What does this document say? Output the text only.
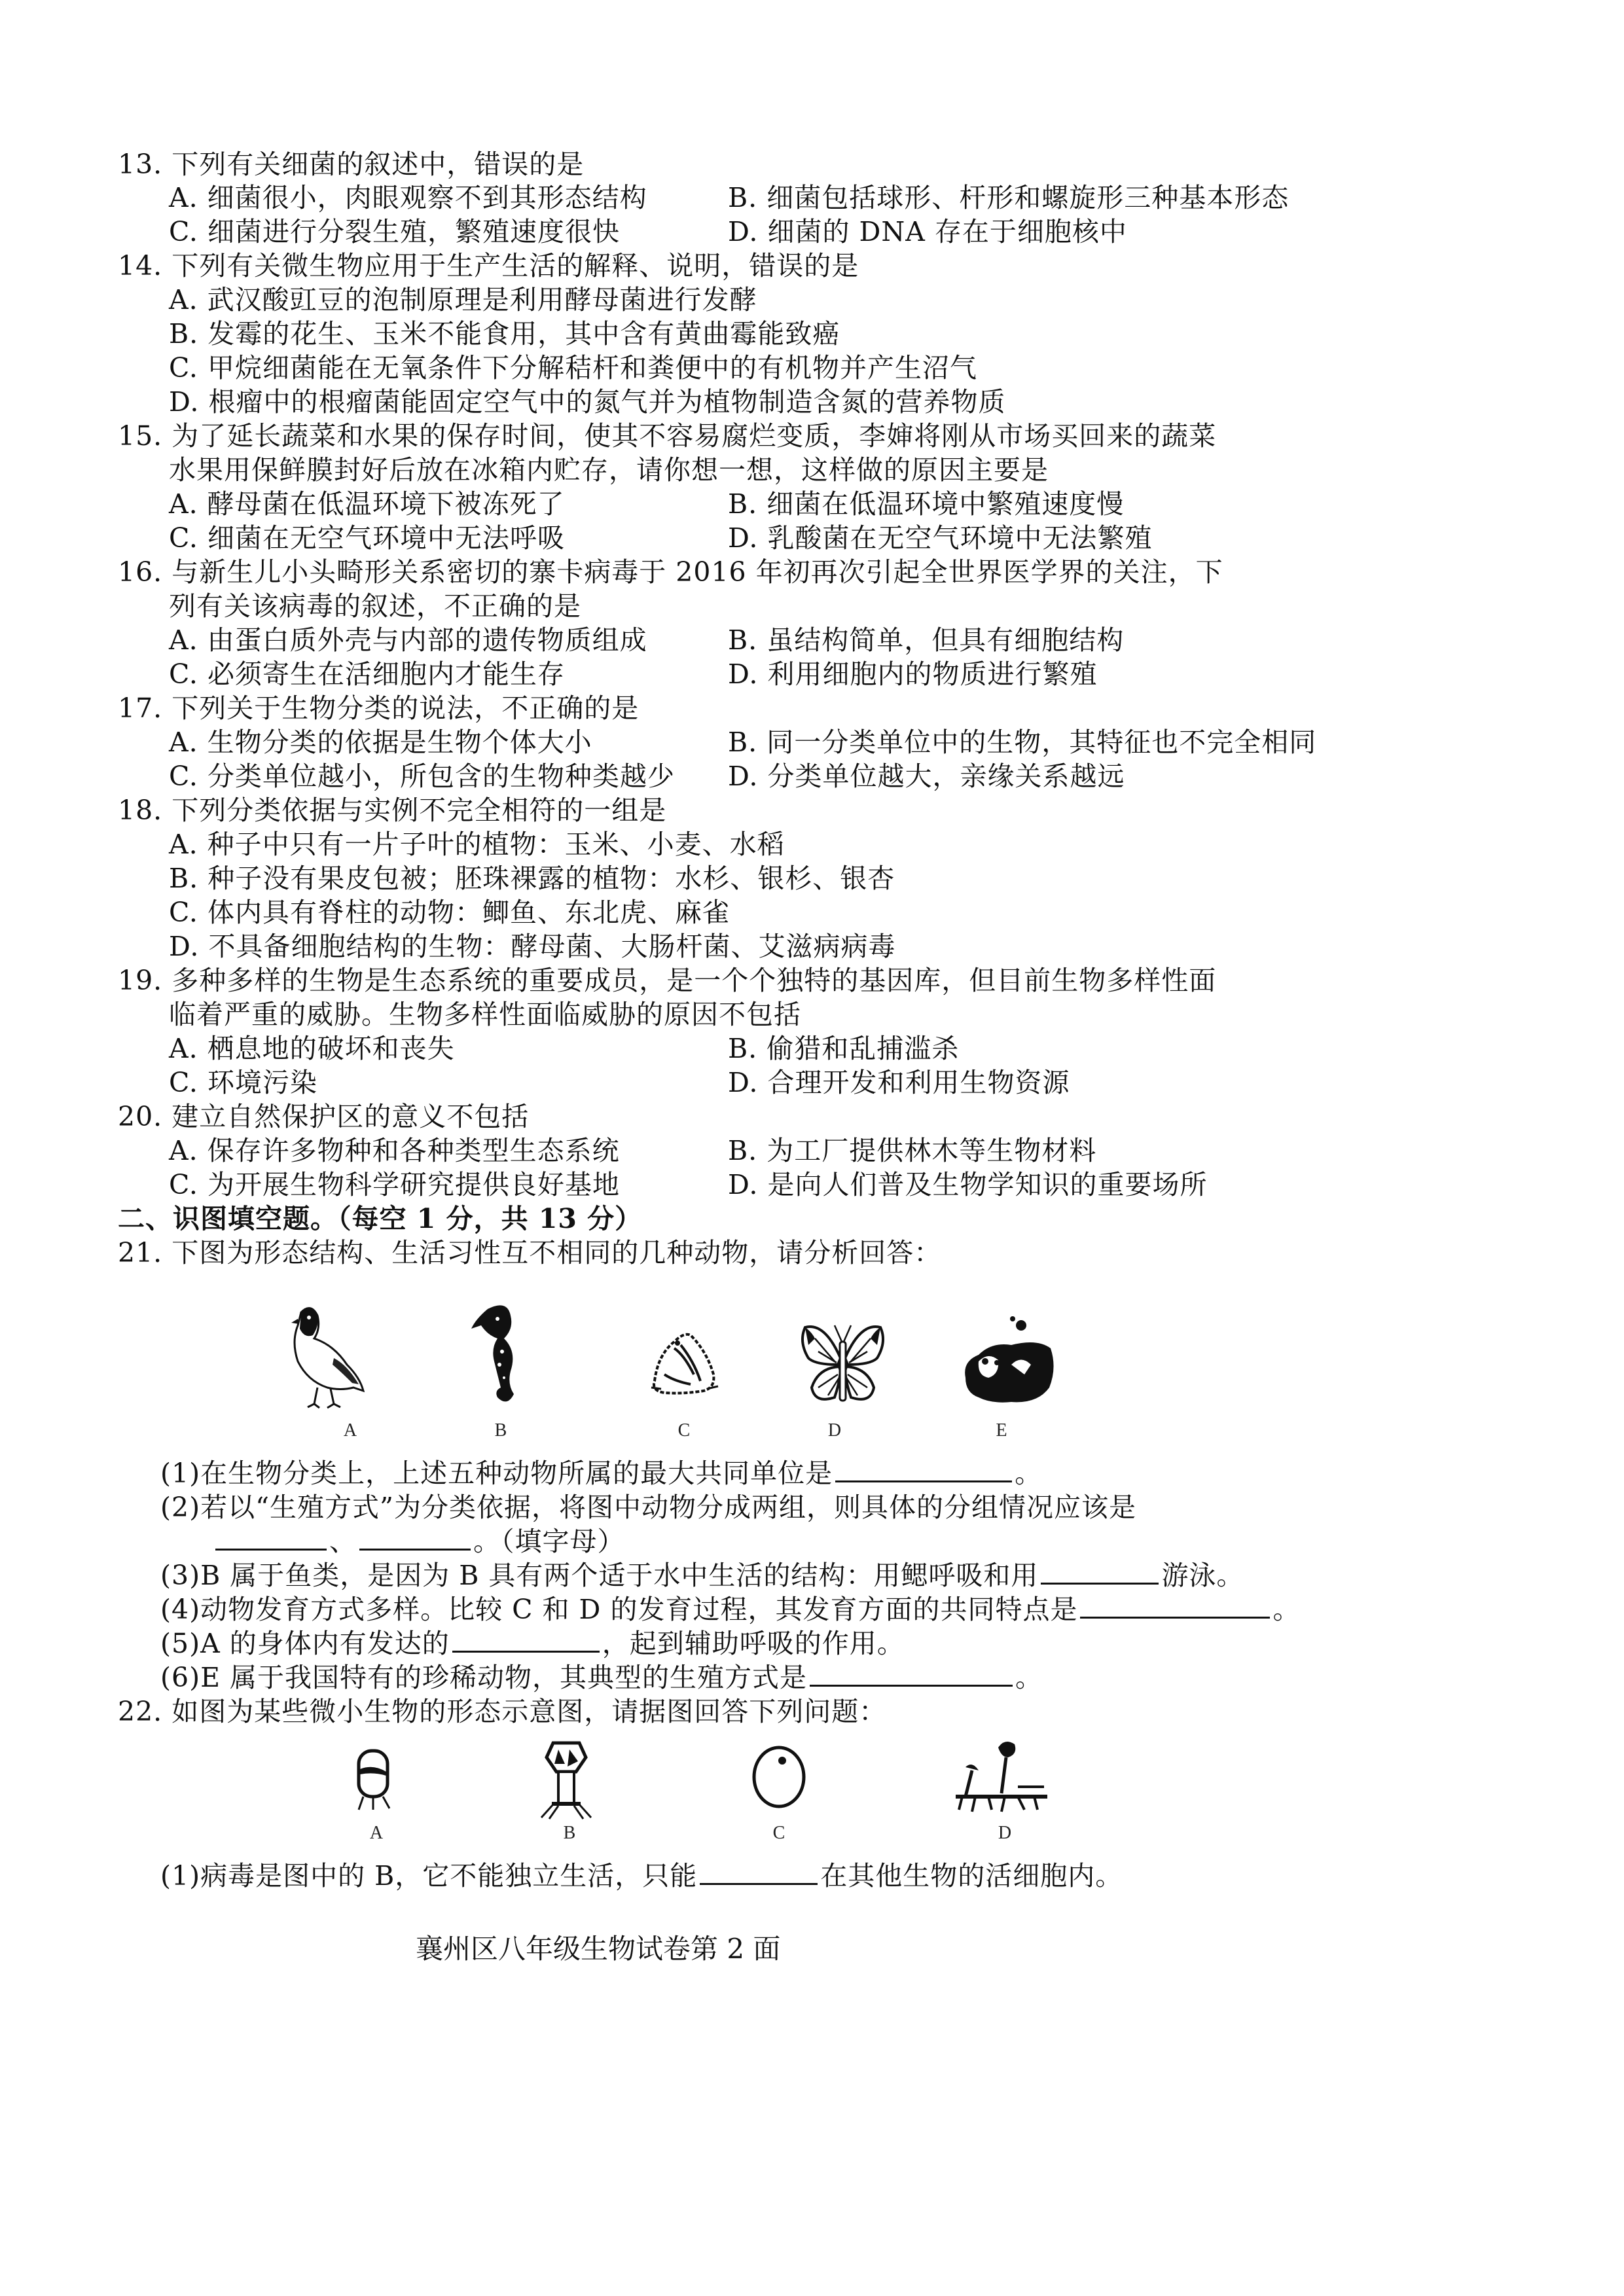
13. 下列有关细菌的叙述中，错误的是
A. 细菌很小，肉眼观察不到其形态结构	B. 细菌包括球形、杆形和螺旋形三种基本形态
C. 细菌进行分裂生殖，繁殖速度很快	D. 细菌的 DNA 存在于细胞核中
14. 下列有关微生物应用于生产生活的解释、说明，错误的是
A. 武汉酸豇豆的泡制原理是利用酵母菌进行发酵
B. 发霉的花生、玉米不能食用，其中含有黄曲霉能致癌
C. 甲烷细菌能在无氧条件下分解秸杆和粪便中的有机物并产生沼气
D. 根瘤中的根瘤菌能固定空气中的氮气并为植物制造含氮的营养物质
15. 为了延长蔬菜和水果的保存时间，使其不容易腐烂变质，李婶将刚从市场买回来的蔬菜
水果用保鲜膜封好后放在冰箱内贮存，请你想一想，这样做的原因主要是
A. 酵母菌在低温环境下被冻死了	B. 细菌在低温环境中繁殖速度慢
C. 细菌在无空气环境中无法呼吸	D. 乳酸菌在无空气环境中无法繁殖
16. 与新生儿小头畸形关系密切的寨卡病毒于 2016 年初再次引起全世界医学界的关注，下
列有关该病毒的叙述，不正确的是
A. 由蛋白质外壳与内部的遗传物质组成	B. 虽结构简单，但具有细胞结构
C. 必须寄生在活细胞内才能生存	D. 利用细胞内的物质进行繁殖
17. 下列关于生物分类的说法，不正确的是
A. 生物分类的依据是生物个体大小	B. 同一分类单位中的生物，其特征也不完全相同
C. 分类单位越小，所包含的生物种类越少 D. 分类单位越大，亲缘关系越远
18. 下列分类依据与实例不完全相符的一组是
A. 种子中只有一片子叶的植物：玉米、小麦、水稻
B. 种子没有果皮包被；胚珠裸露的植物：水杉、银杉、银杏
C. 体内具有脊柱的动物：鲫鱼、东北虎、麻雀
D. 不具备细胞结构的生物：酵母菌、大肠杆菌、艾滋病病毒
19. 多种多样的生物是生态系统的重要成员，是一个个独特的基因库，但目前生物多样性面
临着严重的威胁。生物多样性面临威胁的原因不包括
A. 栖息地的破坏和丧失	B. 偷猎和乱捕滥杀
C. 环境污染	D. 合理开发和利用生物资源
20. 建立自然保护区的意义不包括
A. 保存许多物种和各种类型生态系统	B. 为工厂提供林木等生物材料
C. 为开展生物科学研究提供良好基地	D. 是向人们普及生物学知识的重要场所
二、识图填空题。（每空 1 分，共 13 分）
21. 下图为形态结构、生活习性互不相同的几种动物，请分析回答：
A	B	C	D	E
(1)在生物分类上，上述五种动物所属的最大共同单位是	。
(2)若以“生殖方式”为分类依据，将图中动物分成两组，则具体的分组情况应该是
、	。（填字母）
(3)B 属于鱼类，是因为 B 具有两个适于水中生活的结构：用鳃呼吸和用	游泳。
(4)动物发育方式多样。比较 C 和 D 的发育过程，其发育方面的共同特点是	。
(5)A 的身体内有发达的	，起到辅助呼吸的作用。
(6)E 属于我国特有的珍稀动物，其典型的生殖方式是	。
22. 如图为某些微小生物的形态示意图，请据图回答下列问题：
A	B	C	D
(1)病毒是图中的 B，它不能独立生活，只能	在其他生物的活细胞内。
襄州区八年级生物试卷第 2 面
